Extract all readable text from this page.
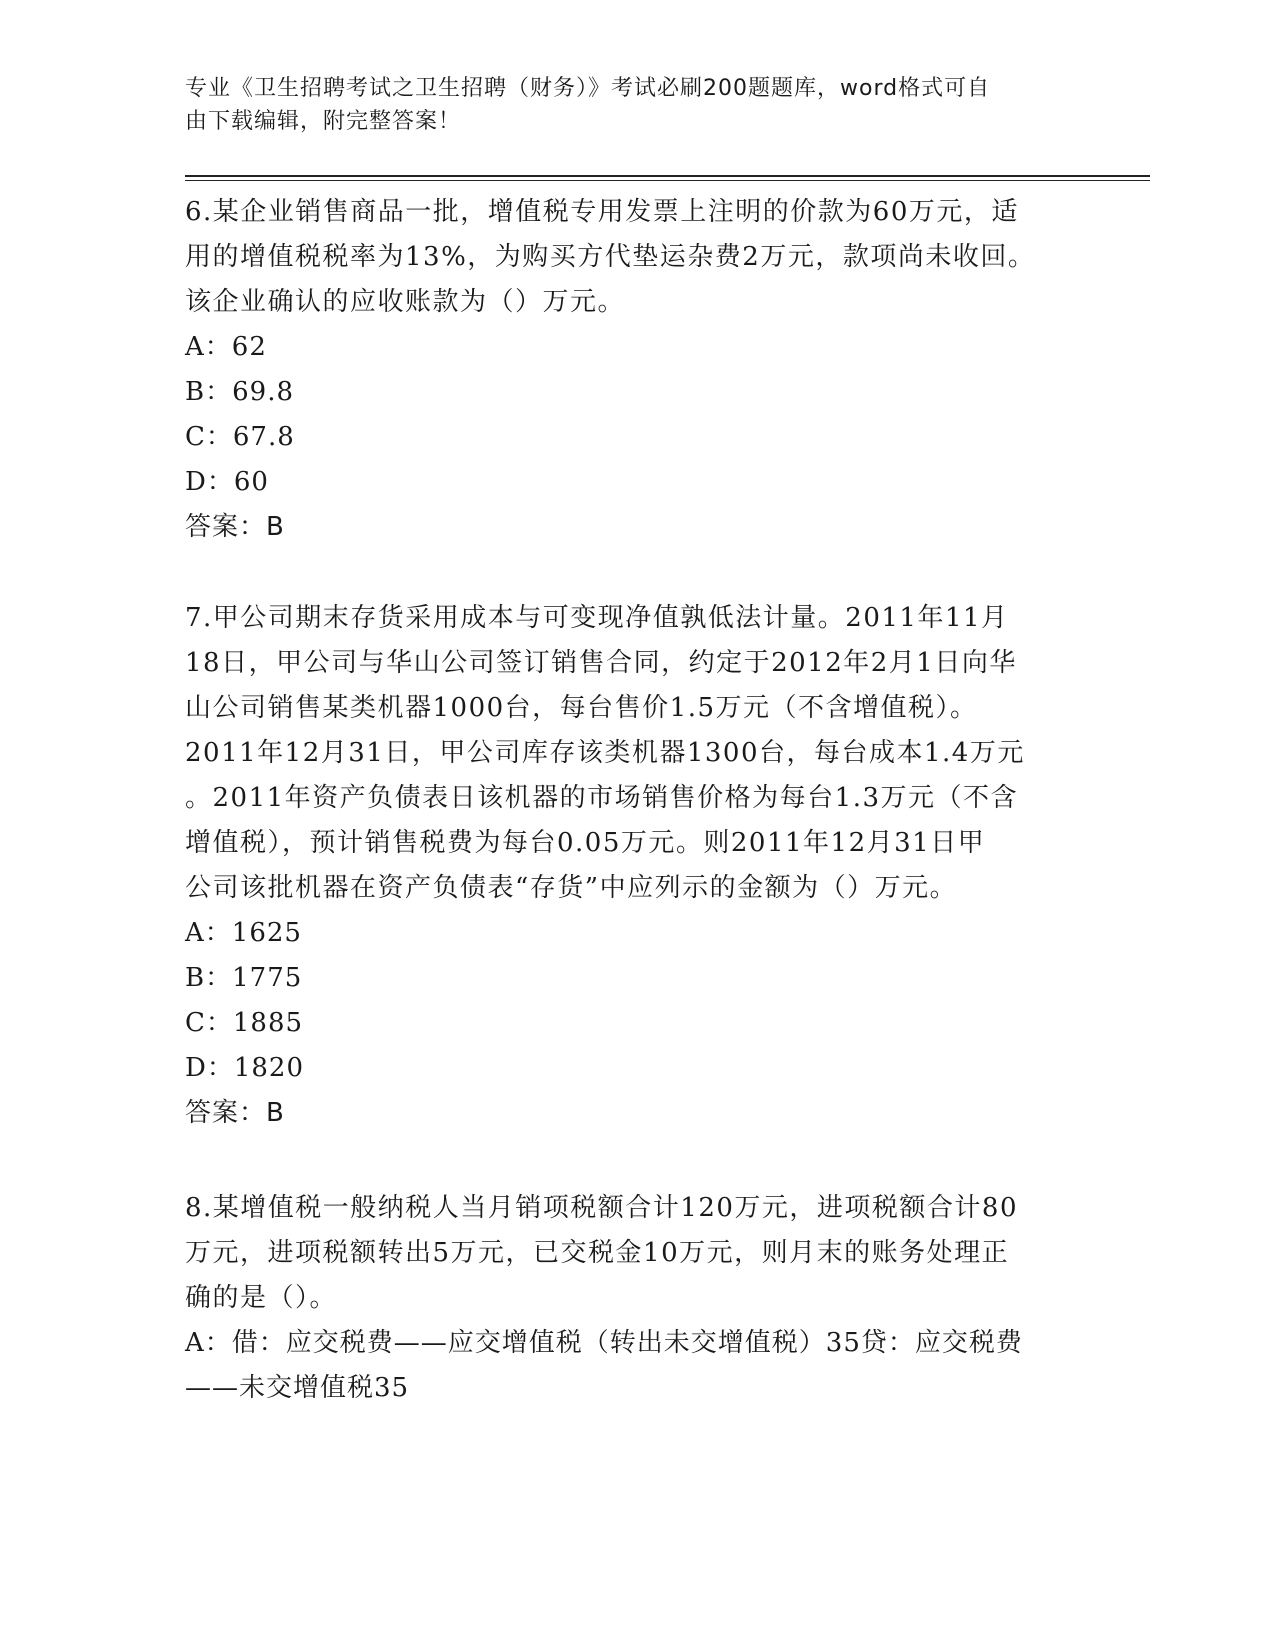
专业《卫生招聘考试之卫生招聘（财务）》考试必刷200题题库，word格式可自
由下载编辑，附完整答案！

6.某企业销售商品一批，增值税专用发票上注明的价款为60万元，适
用的增值税税率为13%，为购买方代垫运杂费2万元，款项尚未收回。
该企业确认的应收账款为（）万元。

A：62

B：69.8

C：67.8

D：60

答案：B

7.甲公司期末存货采用成本与可变现净值孰低法计量。2011年11月
18日，甲公司与华山公司签订销售合同，约定于2012年2月1日向华
山公司销售某类机器1000台，每台售价1.5万元（不含增值税）。
2011年12月31日，甲公司库存该类机器1300台，每台成本1.4万元
。2011年资产负债表日该机器的市场销售价格为每台1.3万元（不含
增值税），预计销售税费为每台0.05万元。则2011年12月31日甲
公司该批机器在资产负债表“存货”中应列示的金额为（）万元。

A：1625

B：1775

C：1885

D：1820

答案：B

8.某增值税一般纳税人当月销项税额合计120万元，进项税额合计80
万元，进项税额转出5万元，已交税金10万元，则月末的账务处理正
确的是（）。

A：借：应交税费——应交增值税（转出未交增值税）35贷：应交税费
——未交增值税35
